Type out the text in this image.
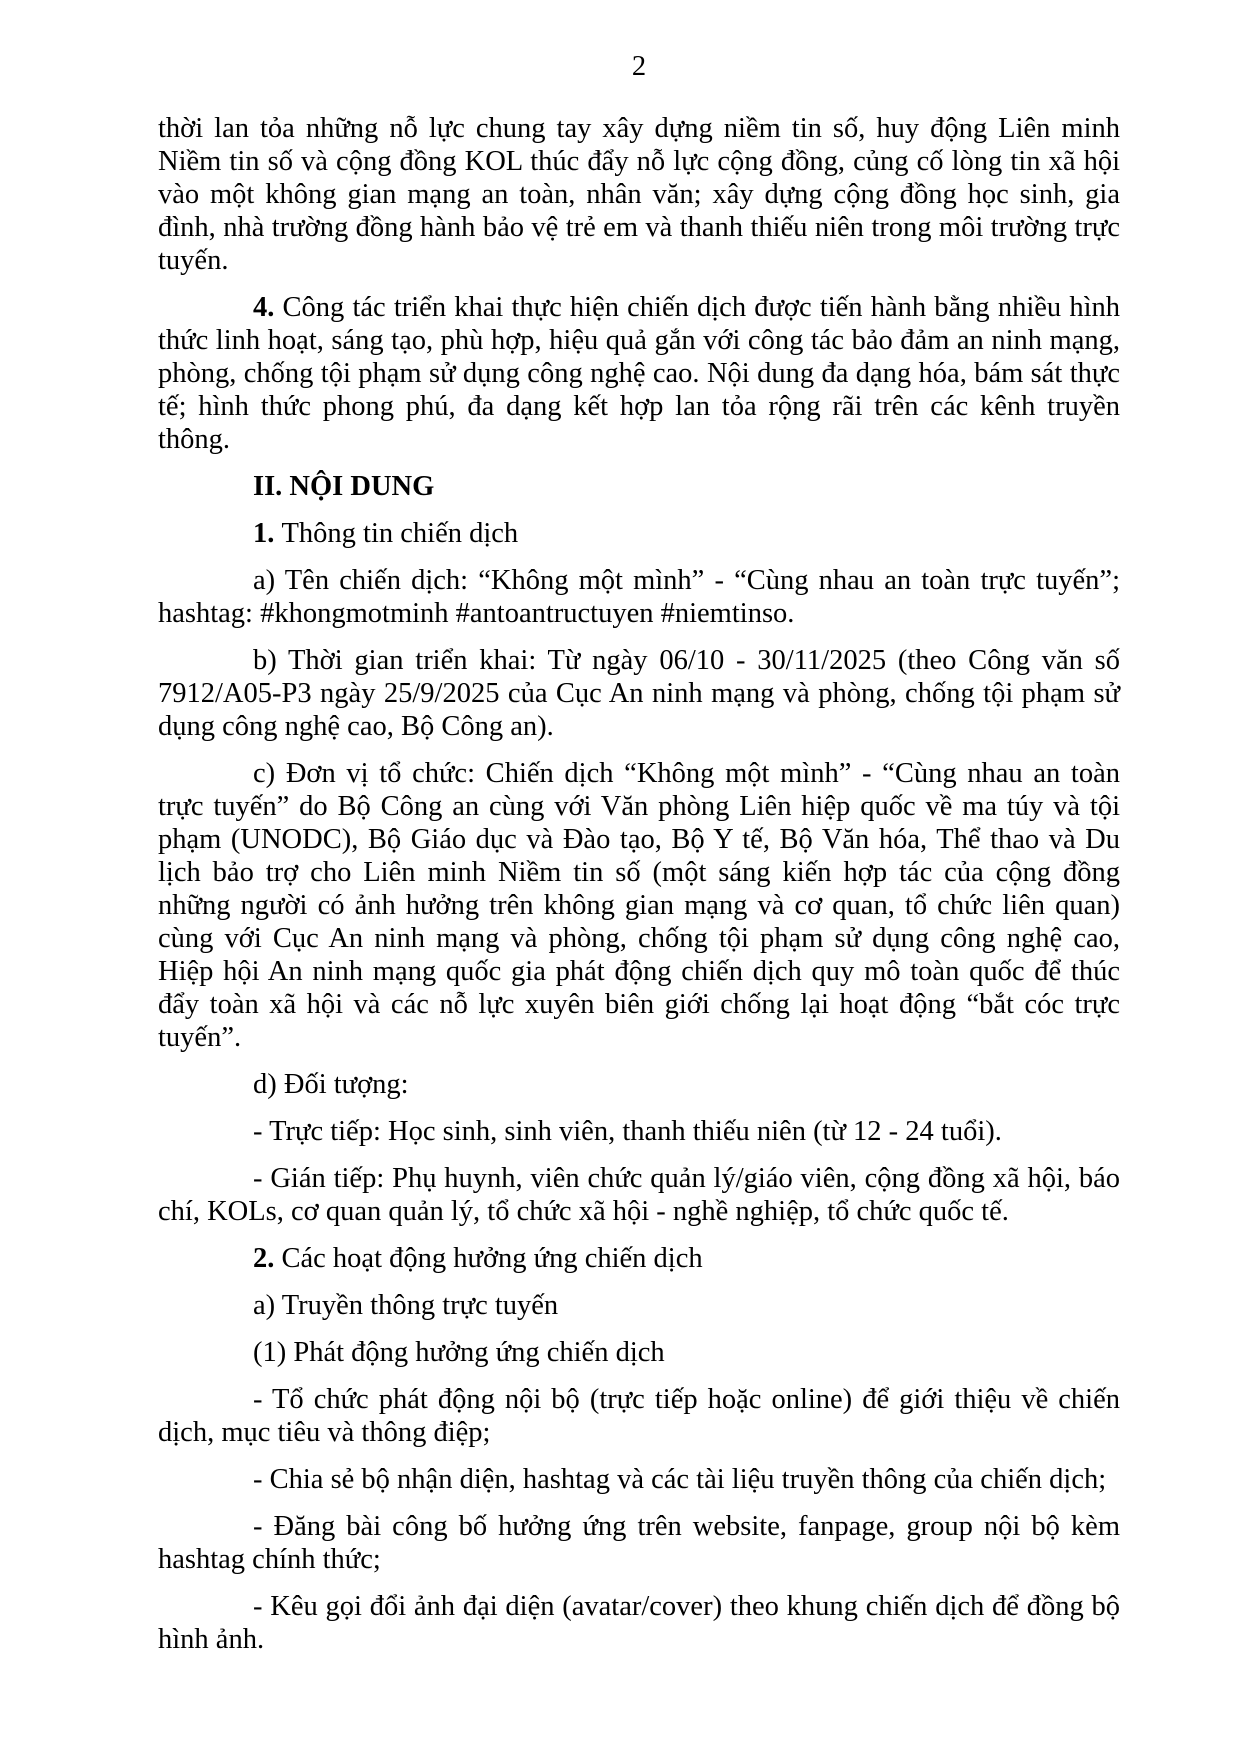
2

thời lan tỏa những nỗ lực chung tay xây dựng niềm tin số, huy động Liên minh Niềm tin số và cộng đồng KOL thúc đẩy nỗ lực cộng đồng, củng cố lòng tin xã hội vào một không gian mạng an toàn, nhân văn; xây dựng cộng đồng học sinh, gia đình, nhà trường đồng hành bảo vệ trẻ em và thanh thiếu niên trong môi trường trực tuyến.

4. Công tác triển khai thực hiện chiến dịch được tiến hành bằng nhiều hình thức linh hoạt, sáng tạo, phù hợp, hiệu quả gắn với công tác bảo đảm an ninh mạng, phòng, chống tội phạm sử dụng công nghệ cao. Nội dung đa dạng hóa, bám sát thực tế; hình thức phong phú, đa dạng kết hợp lan tỏa rộng rãi trên các kênh truyền thông.

II. NỘI DUNG

1. Thông tin chiến dịch

a) Tên chiến dịch: “Không một mình” - “Cùng nhau an toàn trực tuyến”; hashtag: #khongmotminh #antoantructuyen #niemtinso.

b) Thời gian triển khai: Từ ngày 06/10 - 30/11/2025 (theo Công văn số 7912/A05-P3 ngày 25/9/2025 của Cục An ninh mạng và phòng, chống tội phạm sử dụng công nghệ cao, Bộ Công an).

c) Đơn vị tổ chức: Chiến dịch “Không một mình” - “Cùng nhau an toàn trực tuyến” do Bộ Công an cùng với Văn phòng Liên hiệp quốc về ma túy và tội phạm (UNODC), Bộ Giáo dục và Đào tạo, Bộ Y tế, Bộ Văn hóa, Thể thao và Du lịch bảo trợ cho Liên minh Niềm tin số (một sáng kiến hợp tác của cộng đồng những người có ảnh hưởng trên không gian mạng và cơ quan, tổ chức liên quan) cùng với Cục An ninh mạng và phòng, chống tội phạm sử dụng công nghệ cao, Hiệp hội An ninh mạng quốc gia phát động chiến dịch quy mô toàn quốc để thúc đẩy toàn xã hội và các nỗ lực xuyên biên giới chống lại hoạt động “bắt cóc trực tuyến”.

d) Đối tượng:

- Trực tiếp: Học sinh, sinh viên, thanh thiếu niên (từ 12 - 24 tuổi).

- Gián tiếp: Phụ huynh, viên chức quản lý/giáo viên, cộng đồng xã hội, báo chí, KOLs, cơ quan quản lý, tổ chức xã hội - nghề nghiệp, tổ chức quốc tế.

2. Các hoạt động hưởng ứng chiến dịch

a) Truyền thông trực tuyến

(1) Phát động hưởng ứng chiến dịch

- Tổ chức phát động nội bộ (trực tiếp hoặc online) để giới thiệu về chiến dịch, mục tiêu và thông điệp;

- Chia sẻ bộ nhận diện, hashtag và các tài liệu truyền thông của chiến dịch;

- Đăng bài công bố hưởng ứng trên website, fanpage, group nội bộ kèm hashtag chính thức;

- Kêu gọi đổi ảnh đại diện (avatar/cover) theo khung chiến dịch để đồng bộ hình ảnh.
